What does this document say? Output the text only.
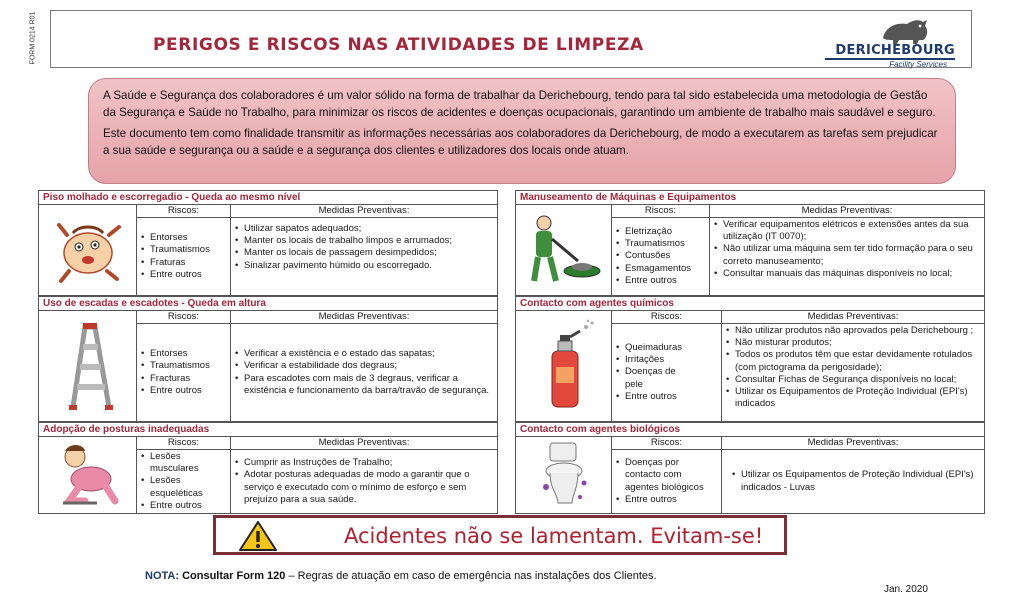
FORM 0214 R01	PERIGOS E RISCOS NAS ATIVIDADES DE LIMPEZA	DERICHEBOURG
Facility Services

A Saúde e Segurança dos colaboradores é um valor sólido na forma de trabalhar da Derichebourg, tendo para tal sido estabelecida uma metodologia de Gestão da Segurança e Saúde no Trabalho, para minimizar os riscos de acidentes e doenças ocupacionais, garantindo um ambiente de trabalho mais saudável e seguro.

Este documento tem como finalidade transmitir as informações necessárias aos colaboradores da Derichebourg, de modo a executarem as tarefas sem prejudicar a sua saúde e segurança ou a saúde e a segurança dos clientes e utilizadores dos locais onde atuam.

Piso molhado e escorregadio - Queda ao mesmo nível
Riscos:
• Entorses
• Traumatismos
• Fraturas
• Entre outros
Medidas Preventivas:
• Utilizar sapatos adequados;
• Manter os locais de trabalho limpos e arrumados;
• Manter os locais de passagem desimpedidos;
• Sinalizar pavimento húmido ou escorregado.
Manuseamento de Máquinas e Equipamentos
Riscos:
• Eletrização
• Traumatismos
• Contusões
• Esmagamentos
• Entre outros
Medidas Preventivas:
• Verificar equipamentos elétricos e extensões antes da sua utilização (IT 0070);
• Não utilizar uma máquina sem ter tido formação para o seu correto manuseamento;
• Consultar manuais das máquinas disponíveis no local;
Uso de escadas e escadotes - Queda em altura
Riscos:
• Entorses
• Traumatismos
• Fracturas
• Entre outros
Medidas Preventivas:
• Verificar a existência e o estado das sapatas;
• Verificar a estabilidade dos degraus;
• Para escadotes com mais de 3 degraus, verificar a existência e funcionamento da barra/travão de segurança.
Contacto com agentes químicos
Riscos:
• Queimaduras
• Irritações
• Doenças de pele
• Entre outros
Medidas Preventivas:
• Não utilizar produtos não aprovados pela Derichebourg ;
• Não misturar produtos;
• Todos os produtos têm que estar devidamente rotulados (com pictograma da perigosidade);
• Consultar Fichas de Segurança disponíveis no local;
• Utilizar os Equipamentos de Proteção Individual (EPI's) indicados
Adopção de posturas inadequadas
Riscos:
• Lesões musculares
• Lesões esqueléticas
• Entre outros
Medidas Preventivas:
• Cumprir as Instruções de Trabalho;
• Adotar posturas adequadas de modo a garantir que o serviço é executado com o mínimo de esforço e sem prejuízo para a sua saúde.
Contacto com agentes biológicos
Riscos:
• Doenças por contacto com agentes biológicos
• Entre outros
Medidas Preventivas:
• Utilizar os Equipamentos de Proteção Individual (EPI's) indicados - Luvas
Acidentes não se lamentam. Evitam-se!
NOTA: Consultar Form 120 – Regras de atuação em caso de emergência nas instalações dos Clientes.
Jan. 2020
